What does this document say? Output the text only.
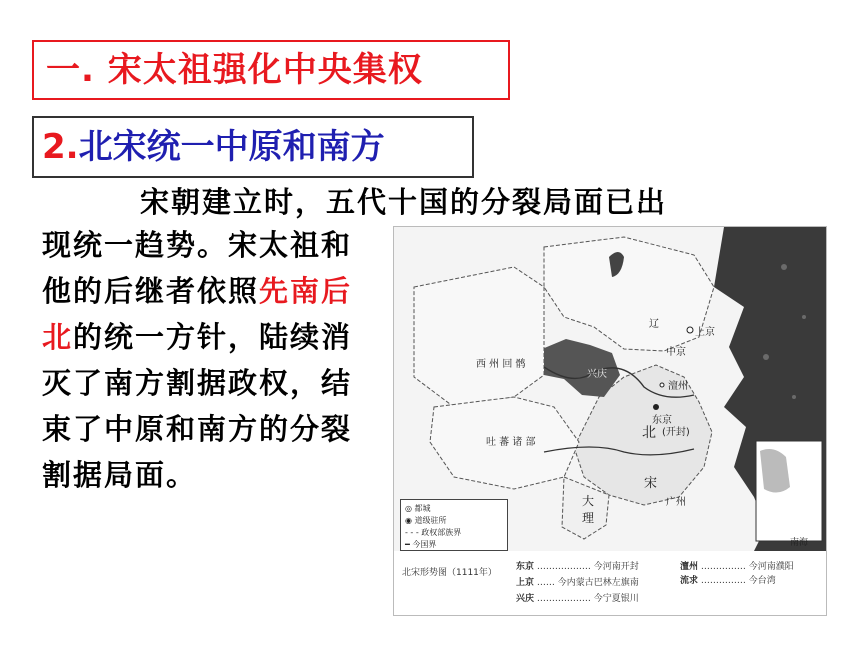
一. 宋太祖强化中央集权
2.北宋统一中原和南方
宋朝建立时，五代十国的分裂局面已出
现统一趋势。宋太祖和他的后继者依照先南后北的统一方针，陆续消灭了南方割据政权，结束了中原和南方的分裂割据局面。
辽
上京
中京
西 州 回 鹘
兴庆
吐 蕃 诸 部
北
东京
(开封)
澶州
宋
大
理
广州
南海
◎ 都城
◉ 道级驻所
‐ ‐ ‐ 政权部族界
━ 今国界
北宋形势图（1111年）
东京 ……………… 今河南开封
上京 …… 今内蒙古巴林左旗南
兴庆 ……………… 今宁夏银川
澶州 …………… 今河南濮阳
流求 …………… 今台湾
